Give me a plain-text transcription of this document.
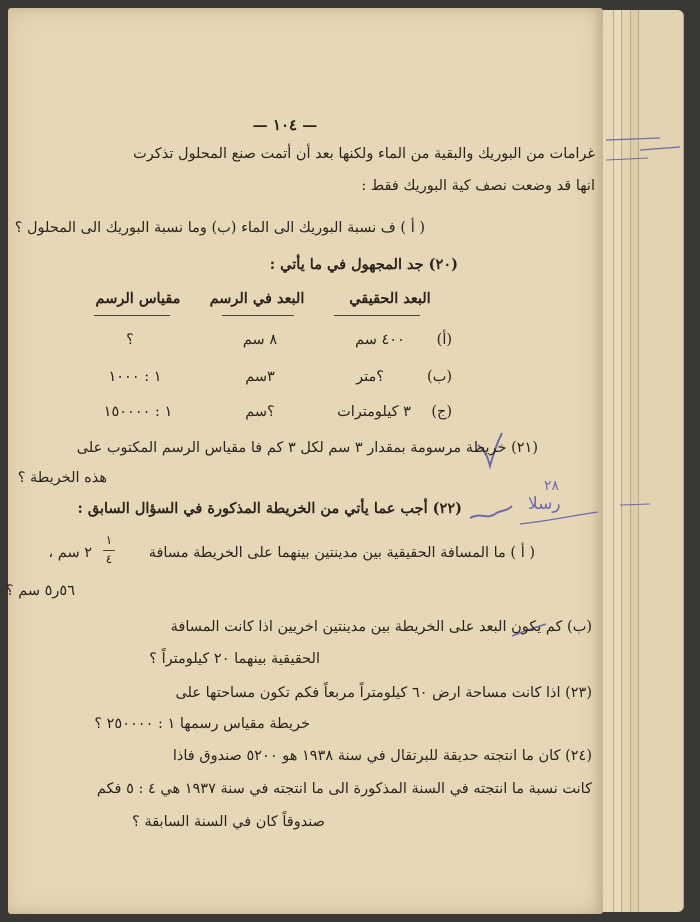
٢٨
رسلا
— ١٠٤ —
غرامات من البوريك والبقية من الماء ولكنها بعد أن أتمت صنع المحلول تذكرت
انها قد وضعت نصف كية البوريك فقط :
( أ ) ف نسبة البوريك الى الماء (ب) وما نسبة البوريك الى المحلول ؟
(٢٠) جد المجهول في ما يأتي :
البعد الحقيقي
البعد في الرسم
مقياس الرسم
(أ)
٤٠٠ سم
٨ سم
؟
(ب)
؟متر
٣سم
١ : ١٠٠٠
(ج)
٣ كيلومترات
؟سم
١ : ١٥٠٠٠٠
(٢١) خريطة مرسومة بمقدار ٣ سم لكل ٣ كم فا مقياس الرسم المكتوب على
هذه الخريطة ؟
(٢٢) أجب عما يأتي من الخريطة المذكورة في السؤال السابق :
( أ ) ما المسافة الحقيقية بين مدينتين بينهما على الخريطة مسافة
١
٤
٢ سم ،
٥٦ر٥ سم ؟
(ب) كم يكون البعد على الخريطة بين مدينتين اخريين اذا كانت المسافة
الحقيقية بينهما ٢٠ كيلومتراً ؟
(٢٣) اذا كانت مساحة ارض ٦٠ كيلومتراً مربعاً فكم تكون مساحتها على
خريطة مقياس رسمها ١ : ٢٥٠٠٠٠ ؟
(٢٤) كان ما انتجته حديقة للبرتقال في سنة ١٩٣٨ هو ٥٢٠٠ صندوق فاذا
كانت نسبة ما انتجته في السنة المذكورة الى ما انتجته في سنة ١٩٣٧ هي ٤ : ٥ فكم
صندوقاً كان في السنة السابقة ؟
